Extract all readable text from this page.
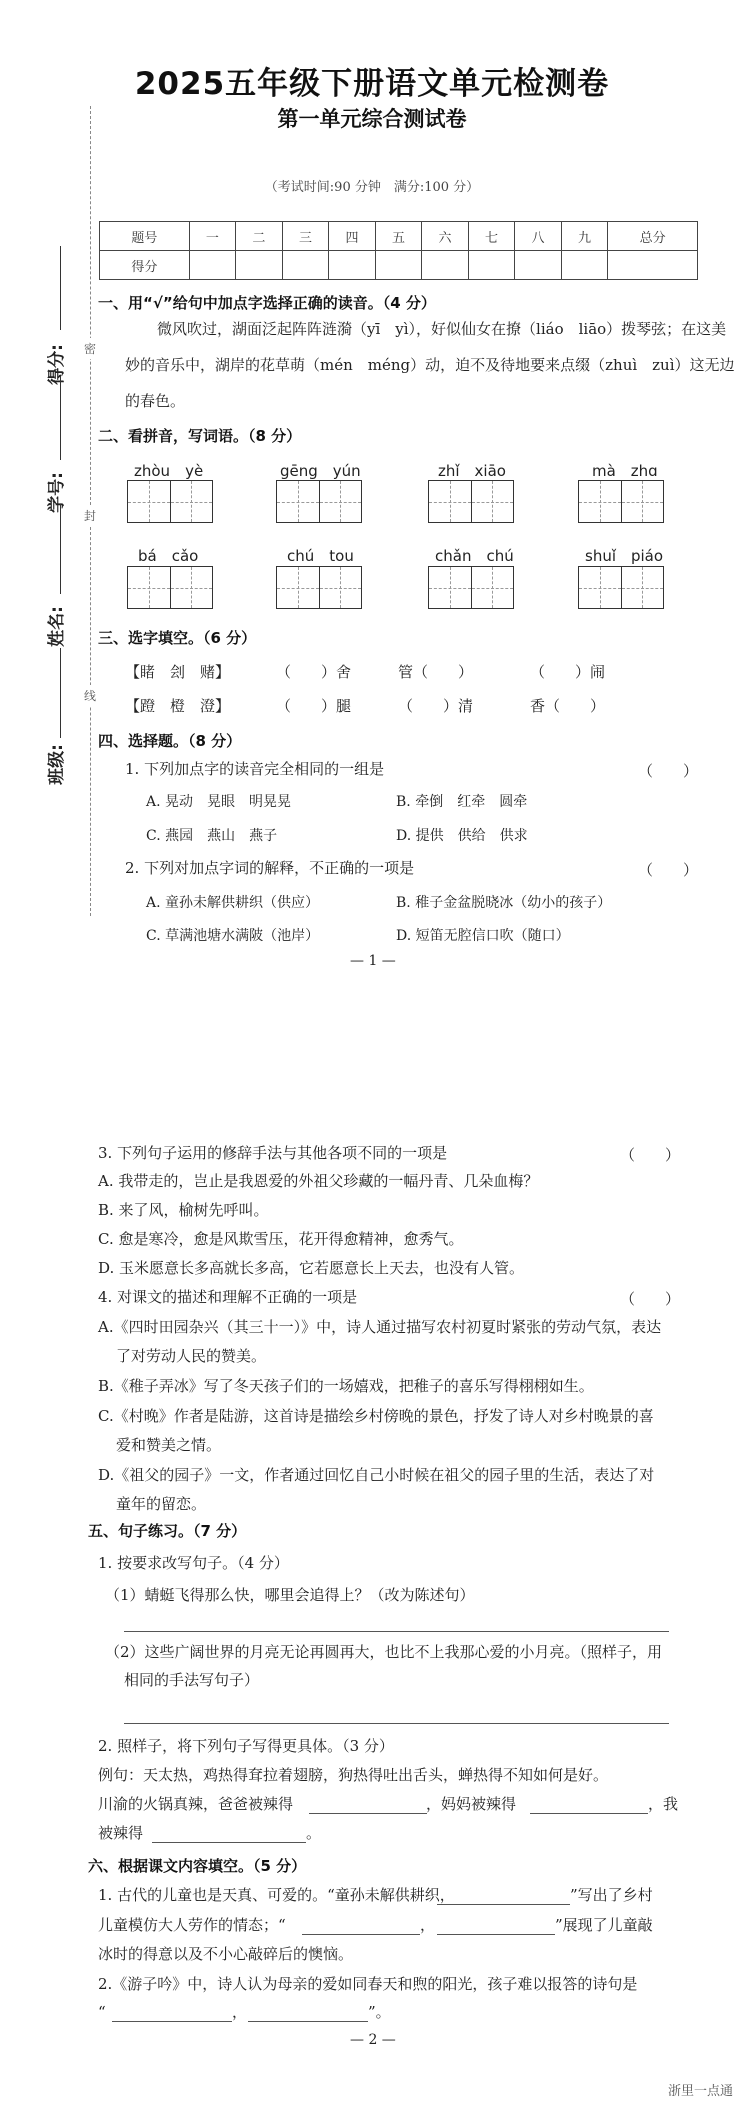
2025五年级下册语文单元检测卷
第一单元综合测试卷
（考试时间:90 分钟　满分:100 分）
题号	一	二	三	四	五	六	七	八	九	总分
得分										
密
封
线
得分:
学号:
姓名:
班级:
一、用“√”给句中加点字选择正确的读音。（4 分）
微风吹过，湖面泛起阵阵涟漪（yī　yì），好似仙女在撩（liáo　liāo）拨琴弦；在这美
妙的音乐中，湖岸的花草萌（mén　méng）动，迫不及待地要来点缀（zhuì　zuì）这无边
的春色。
二、看拼音，写词语。（8 分）
zhòu　yè	gēng　yún	zhǐ　xiāo	mà　zhɑ
bá　cǎo	chú　tou	chǎn　chú	shuǐ　piáo
三、选字填空。（6 分）
【睹　刽　赌】	（　　）舍	管（　　）	（　　）闹
【蹬　橙　澄】	（　　）腿	（　　）清	香（　　）
四、选择题。（8 分）
1. 下列加点字的读音完全相同的一组是	（　　）
A. 晃动　晃眼　明晃晃	B. 牵倒　红牵　圆牵
C. 燕园　燕山　燕子	D. 提供　供给　供求
2. 下列对加点字词的解释，不正确的一项是	（　　）
A. 童孙未解供耕织（供应）	B. 稚子金盆脱晓冰（幼小的孩子）
C. 草满池塘水满陂（池岸）	D. 短笛无腔信口吹（随口）
— 1 —
3. 下列句子运用的修辞手法与其他各项不同的一项是	（　　）
A. 我带走的，岂止是我恩爱的外祖父珍藏的一幅丹青、几朵血梅？
B. 来了风，榆树先呼叫。
C. 愈是寒冷，愈是风欺雪压，花开得愈精神，愈秀气。
D. 玉米愿意长多高就长多高，它若愿意长上天去，也没有人管。
4. 对课文的描述和理解不正确的一项是	（　　）
A.《四时田园杂兴（其三十一）》中，诗人通过描写农村初夏时紧张的劳动气氛，表达
了对劳动人民的赞美。
B.《稚子弄冰》写了冬天孩子们的一场嬉戏，把稚子的喜乐写得栩栩如生。
C.《村晚》作者是陆游，这首诗是描绘乡村傍晚的景色，抒发了诗人对乡村晚景的喜
爱和赞美之情。
D.《祖父的园子》一文，作者通过回忆自己小时候在祖父的园子里的生活，表达了对
童年的留恋。
五、句子练习。（7 分）
1. 按要求改写句子。（4 分）
（1）蜻蜓飞得那么快，哪里会追得上？（改为陈述句）
（2）这些广阔世界的月亮无论再圆再大，也比不上我那心爱的小月亮。（照样子，用
相同的手法写句子）
2. 照样子，将下列句子写得更具体。（3 分）
例句：天太热，鸡热得耷拉着翅膀，狗热得吐出舌头，蝉热得不知如何是好。
川渝的火锅真辣，爸爸被辣得	，妈妈被辣得	，我
被辣得	。
六、根据课文内容填空。（5 分）
1. 古代的儿童也是天真、可爱的。“童孙未解供耕织，	”写出了乡村
儿童模仿大人劳作的情态；“	，	”展现了儿童敲
冰时的得意以及不小心敲碎后的懊恼。
2.《游子吟》中，诗人认为母亲的爱如同春天和煦的阳光，孩子难以报答的诗句是
“	，	”。
— 2 —
浙里一点通
